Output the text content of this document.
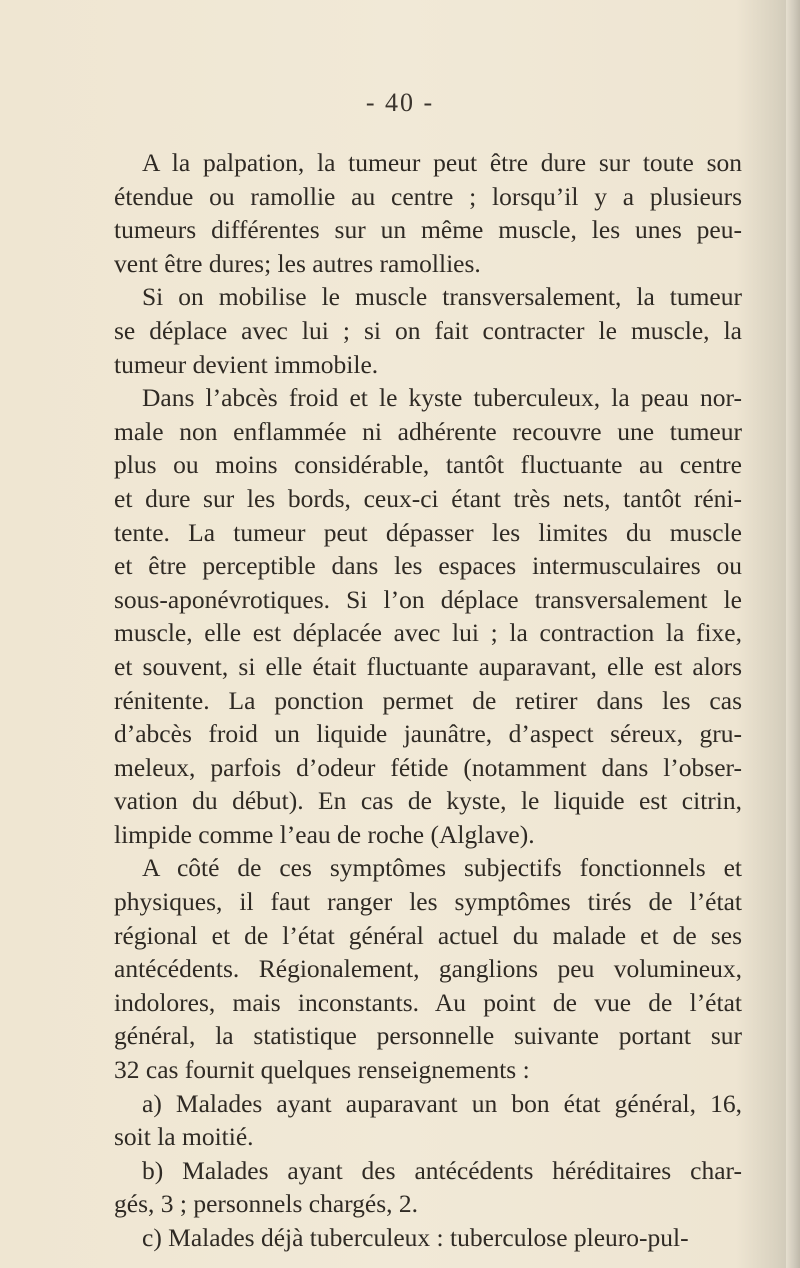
- 40 -

A la palpation, la tumeur peut être dure sur toute son

étendue ou ramollie au centre ; lorsqu’il y a plusieurs

tumeurs différentes sur un même muscle, les unes peu-

vent être dures; les autres ramollies.

Si on mobilise le muscle transversalement, la tumeur

se déplace avec lui ; si on fait contracter le muscle, la

tumeur devient immobile.

Dans l’abcès froid et le kyste tuberculeux, la peau nor-

male non enflammée ni adhérente recouvre une tumeur

plus ou moins considérable, tantôt fluctuante au centre

et dure sur les bords, ceux-ci étant très nets, tantôt réni-

tente. La tumeur peut dépasser les limites du muscle

et être perceptible dans les espaces intermusculaires ou

sous-aponévrotiques. Si l’on déplace transversalement le

muscle, elle est déplacée avec lui ; la contraction la fixe,

et souvent, si elle était fluctuante auparavant, elle est alors

rénitente. La ponction permet de retirer dans les cas

d’abcès froid un liquide jaunâtre, d’aspect séreux, gru-

meleux, parfois d’odeur fétide (notamment dans l’obser-

vation du début). En cas de kyste, le liquide est citrin,

limpide comme l’eau de roche (Alglave).

A côté de ces symptômes subjectifs fonctionnels et

physiques, il faut ranger les symptômes tirés de l’état

régional et de l’état général actuel du malade et de ses

antécédents. Régionalement, ganglions peu volumineux,

indolores, mais inconstants. Au point de vue de l’état

général, la statistique personnelle suivante portant sur

32 cas fournit quelques renseignements :

a) Malades ayant auparavant un bon état général, 16,

soit la moitié.

b) Malades ayant des antécédents héréditaires char-

gés, 3 ; personnels chargés, 2.

c) Malades déjà tuberculeux : tuberculose pleuro-pul-
